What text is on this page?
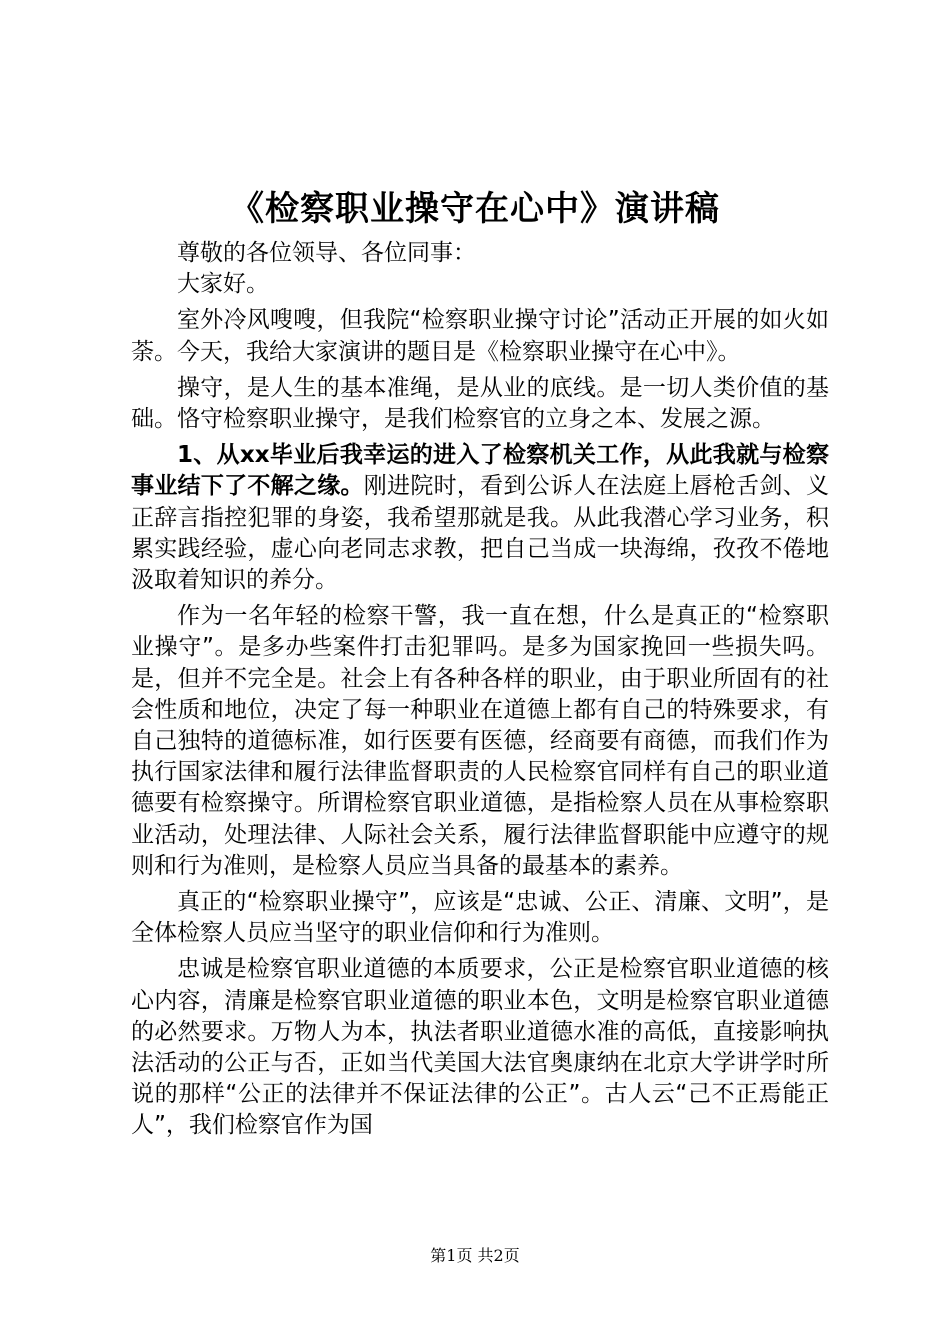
《检察职业操守在心中》演讲稿

尊敬的各位领导、各位同事：

大家好。

室外冷风嗖嗖，但我院“检察职业操守讨论”活动正开展的如火如荼。今天，我给大家演讲的题目是《检察职业操守在心中》。

操守，是人生的基本准绳，是从业的底线。是一切人类价值的基础。恪守检察职业操守，是我们检察官的立身之本、发展之源。

1、从xx毕业后我幸运的进入了检察机关工作，从此我就与检察事业结下了不解之缘。刚进院时，看到公诉人在法庭上唇枪舌剑、义正辞言指控犯罪的身姿，我希望那就是我。从此我潜心学习业务，积累实践经验，虚心向老同志求教，把自己当成一块海绵，孜孜不倦地汲取着知识的养分。

作为一名年轻的检察干警，我一直在想，什么是真正的“检察职业操守”。是多办些案件打击犯罪吗。是多为国家挽回一些损失吗。是，但并不完全是。社会上有各种各样的职业，由于职业所固有的社会性质和地位，决定了每一种职业在道德上都有自己的特殊要求，有自己独特的道德标准，如行医要有医德，经商要有商德，而我们作为执行国家法律和履行法律监督职责的人民检察官同样有自己的职业道德要有检察操守。所谓检察官职业道德，是指检察人员在从事检察职业活动，处理法律、人际社会关系，履行法律监督职能中应遵守的规则和行为准则，是检察人员应当具备的最基本的素养。

真正的“检察职业操守”，应该是“忠诚、公正、清廉、文明”，是全体检察人员应当坚守的职业信仰和行为准则。

忠诚是检察官职业道德的本质要求，公正是检察官职业道德的核心内容，清廉是检察官职业道德的职业本色，文明是检察官职业道德的必然要求。万物人为本，执法者职业道德水准的高低，直接影响执法活动的公正与否，正如当代美国大法官奥康纳在北京大学讲学时所说的那样“公正的法律并不保证法律的公正”。古人云“己不正焉能正人”，我们检察官作为国

第1页 共2页
